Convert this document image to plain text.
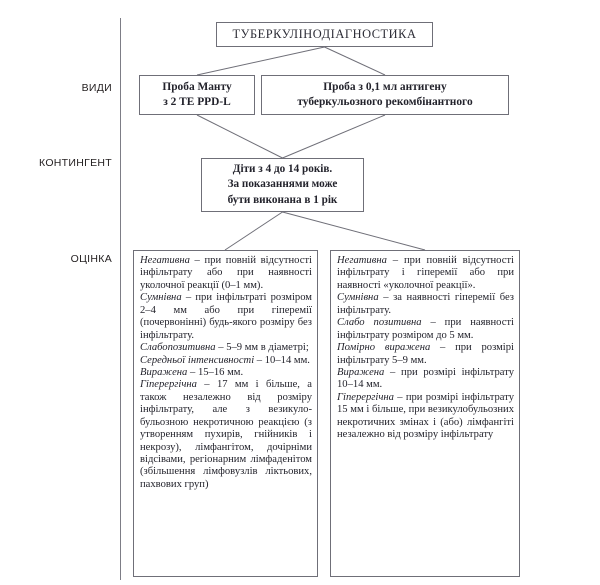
ВИДИ
КОНТИНГЕНТ
ОЦІНКА
ТУБЕРКУЛІНОДІАГНОСТИКА
Проба Манту
з 2 ТЕ PPD-L
Проба з 0,1 мл антигену
туберкульозного рекомбінантного
Діти з 4 до 14 років.
За показаннями може
бути виконана в 1 рік

Негативна – при повній відсутності інфільтрату або при наявності уколочної реакції (0–1 мм).

Сумнівна – при інфільтраті розміром 2–4 мм або при гіперемії (почервонінні) будь-якого розміру без інфільтрату.

Слабопозитивна – 5–9 мм в діаметрі;

Середньої інтенсивності – 10–14 мм.

Виражена – 15–16 мм.

Гіперергічна – 17 мм і більше, а також незалежно від розміру інфільтрату, але з везикуло-бульозною некротичною реакцією (з утворенням пухирів, гнійників і некрозу), лімфангітом, дочірніми відсівами, регіонарним лімфаденітом (збільшення лімфовузлів ліктьових, пахвових груп)

Негативна – при повній відсутності інфільтрату і гіперемії або при наявності «уколочної реакції».

Сумнівна – за наявності гіперемії без інфільтрату.

Слабо позитивна – при наявності інфільтрату розміром до 5 мм.

Помірно виражена – при розмірі інфільтрату 5–9 мм.

Виражена – при розмірі інфільтрату 10–14 мм.

Гіперергічна – при розмірі інфільтрату 15 мм і більше, при везикулобульозних некротичних змінах і (або) лімфангіті незалежно від розміру інфільтрату
